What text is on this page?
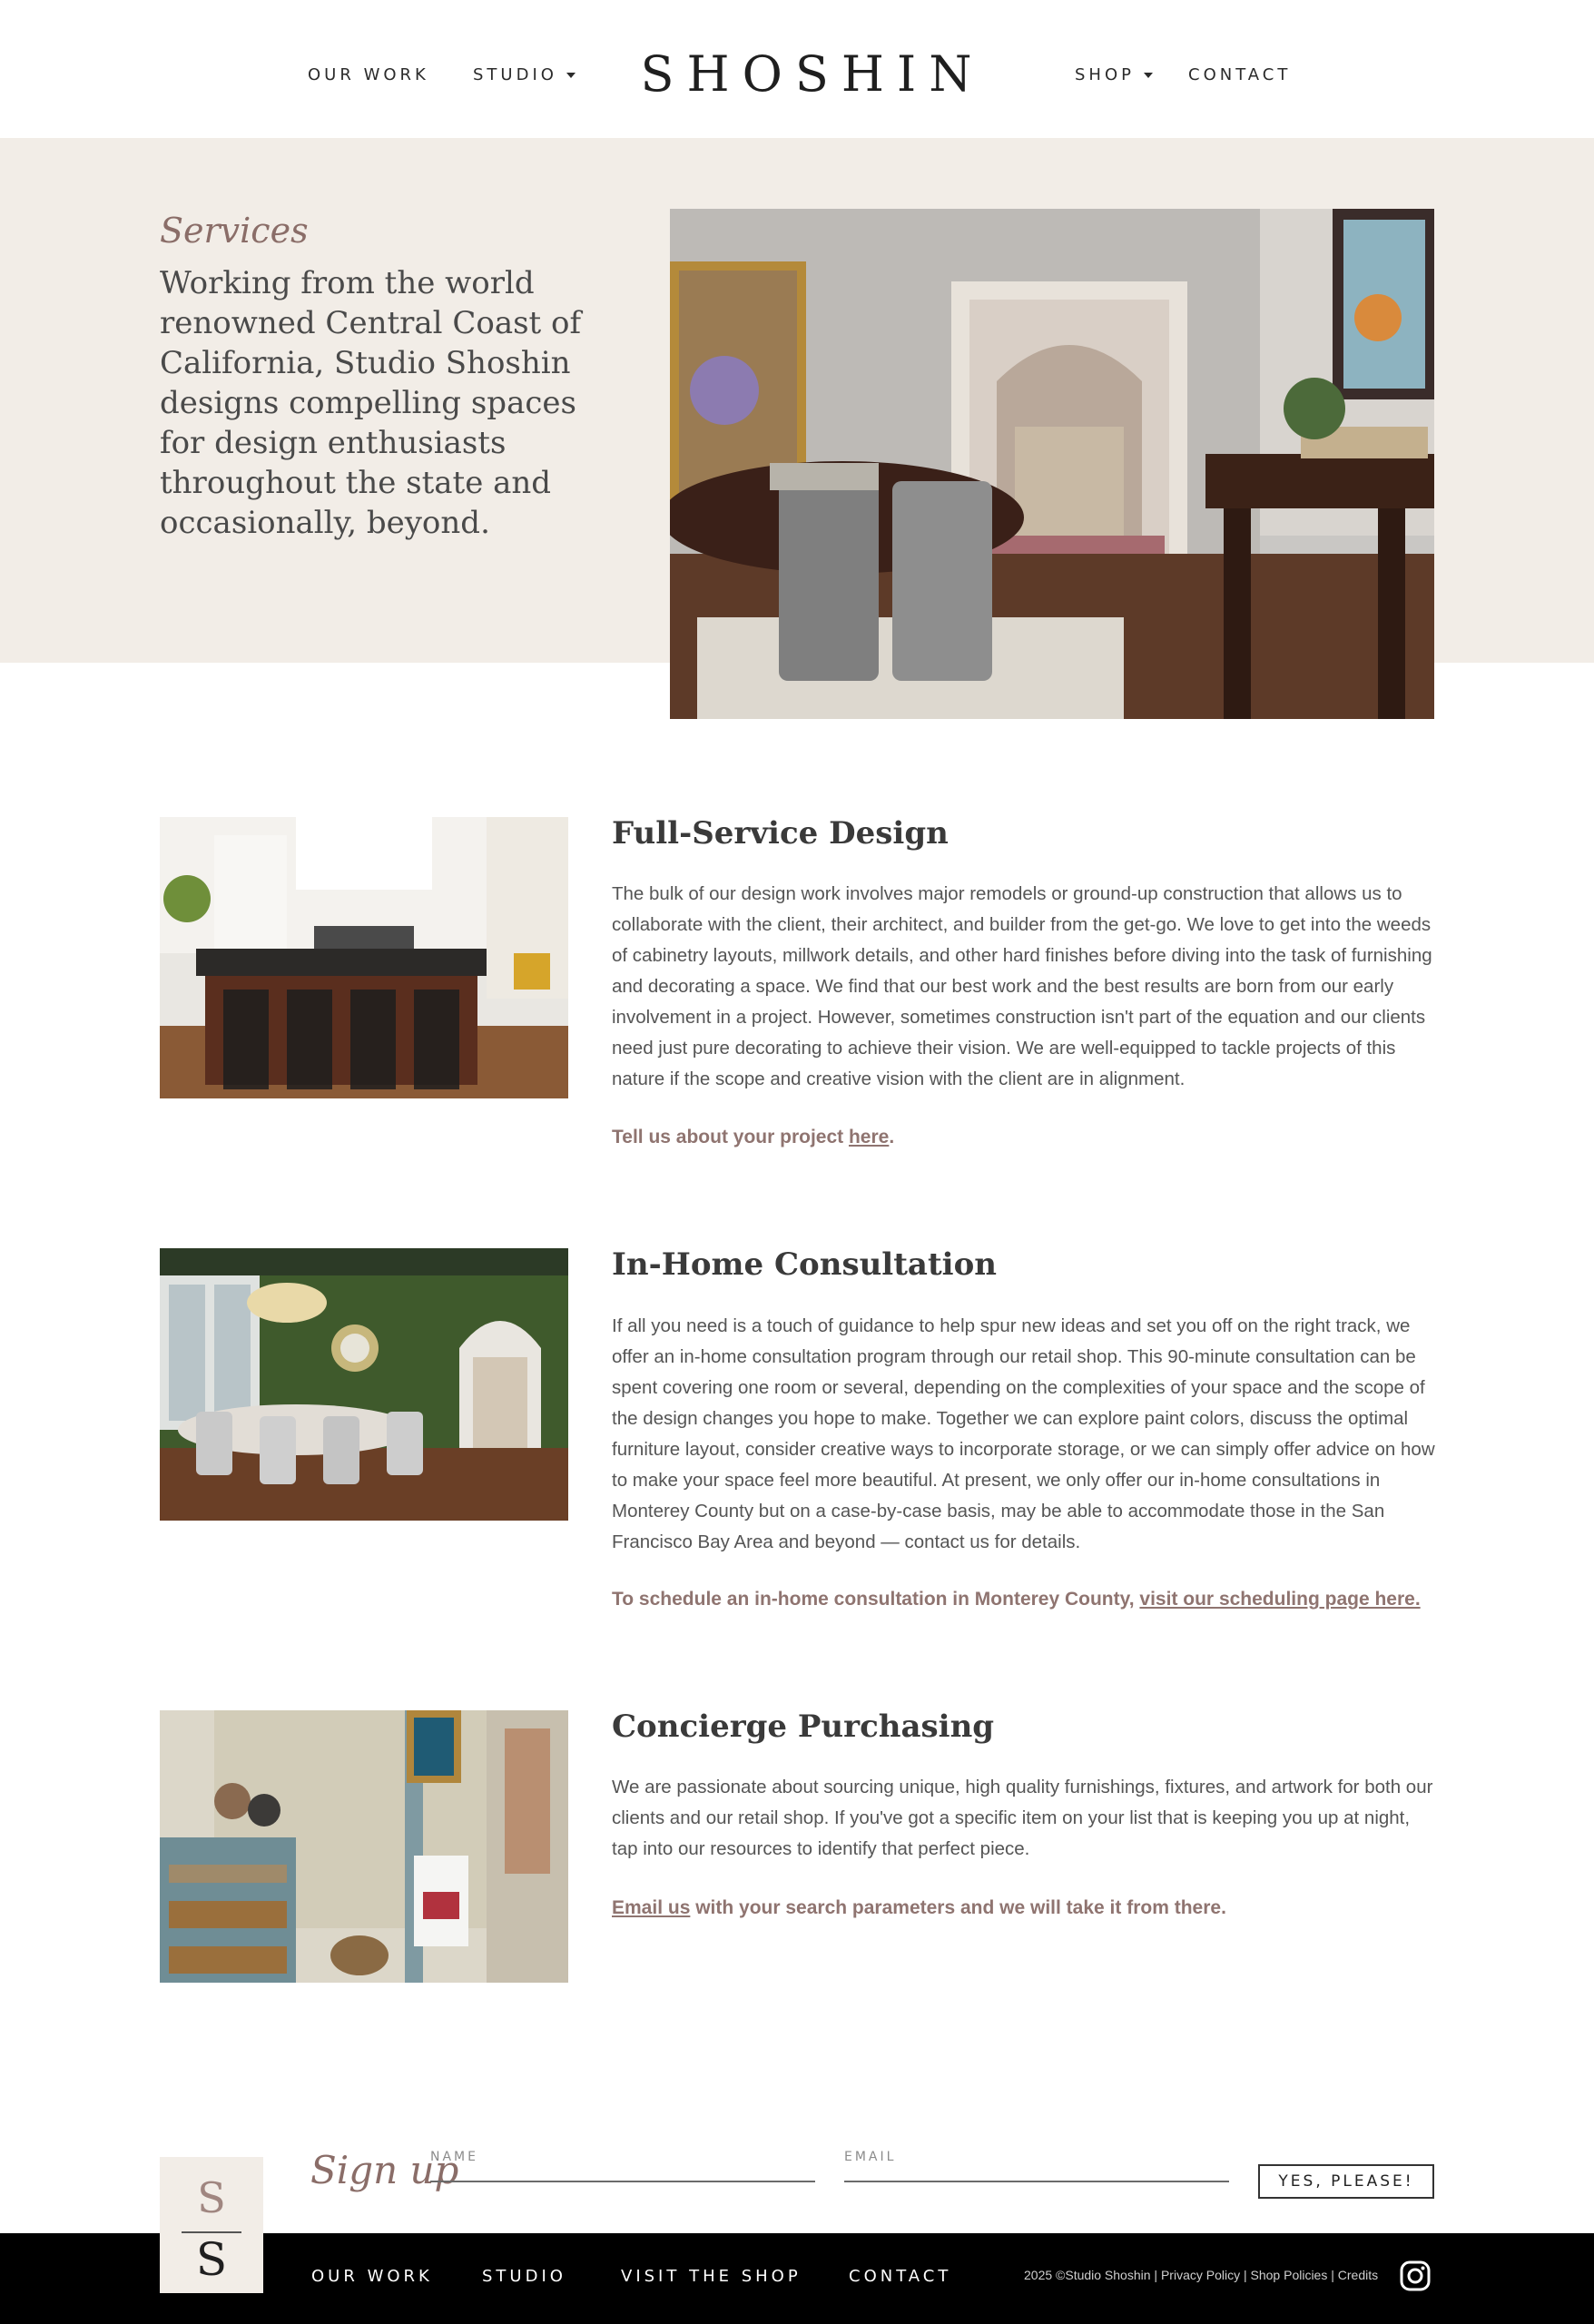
OUR WORK	STUDIO	SHOSHIN	SHOP	CONTACT
Services

Working from the world renowned Central Coast of California, Studio Shoshin designs compelling spaces for design enthusiasts throughout the state and occasionally, beyond.

Full-Service Design

The bulk of our design work involves major remodels or ground-up construction that allows us to collaborate with the client, their architect, and builder from the get-go. We love to get into the weeds of cabinetry layouts, millwork details, and other hard finishes before diving into the task of furnishing and decorating a space. We find that our best work and the best results are born from our early involvement in a project. However, sometimes construction isn't part of the equation and our clients need just pure decorating to achieve their vision. We are well-equipped to tackle projects of this nature if the scope and creative vision with the client are in alignment.

Tell us about your project here.

In-Home Consultation

If all you need is a touch of guidance to help spur new ideas and set you off on the right track, we offer an in-home consultation program through our retail shop. This 90-minute consultation can be spent covering one room or several, depending on the complexities of your space and the scope of the design changes you hope to make. Together we can explore paint colors, discuss the optimal furniture layout, consider creative ways to incorporate storage, or we can simply offer advice on how to make your space feel more beautiful. At present, we only offer our in-home consultations in Monterey County but on a case-by-case basis, may be able to accommodate those in the San Francisco Bay Area and beyond — contact us for details.

To schedule an in-home consultation in Monterey County, visit our scheduling page here.

Concierge Purchasing

We are passionate about sourcing unique, high quality furnishings, fixtures, and artwork for both our clients and our retail shop. If you've got a specific item on your list that is keeping you up at night, tap into our resources to identify that perfect piece.

Email us with your search parameters and we will take it from there.

S
S
Sign up
NAME
EMAIL	YES, PLEASE!
OUR WORK	STUDIO	VISIT THE SHOP	CONTACT	2025 ©Studio Shoshin | Privacy Policy | Shop Policies | Credits
